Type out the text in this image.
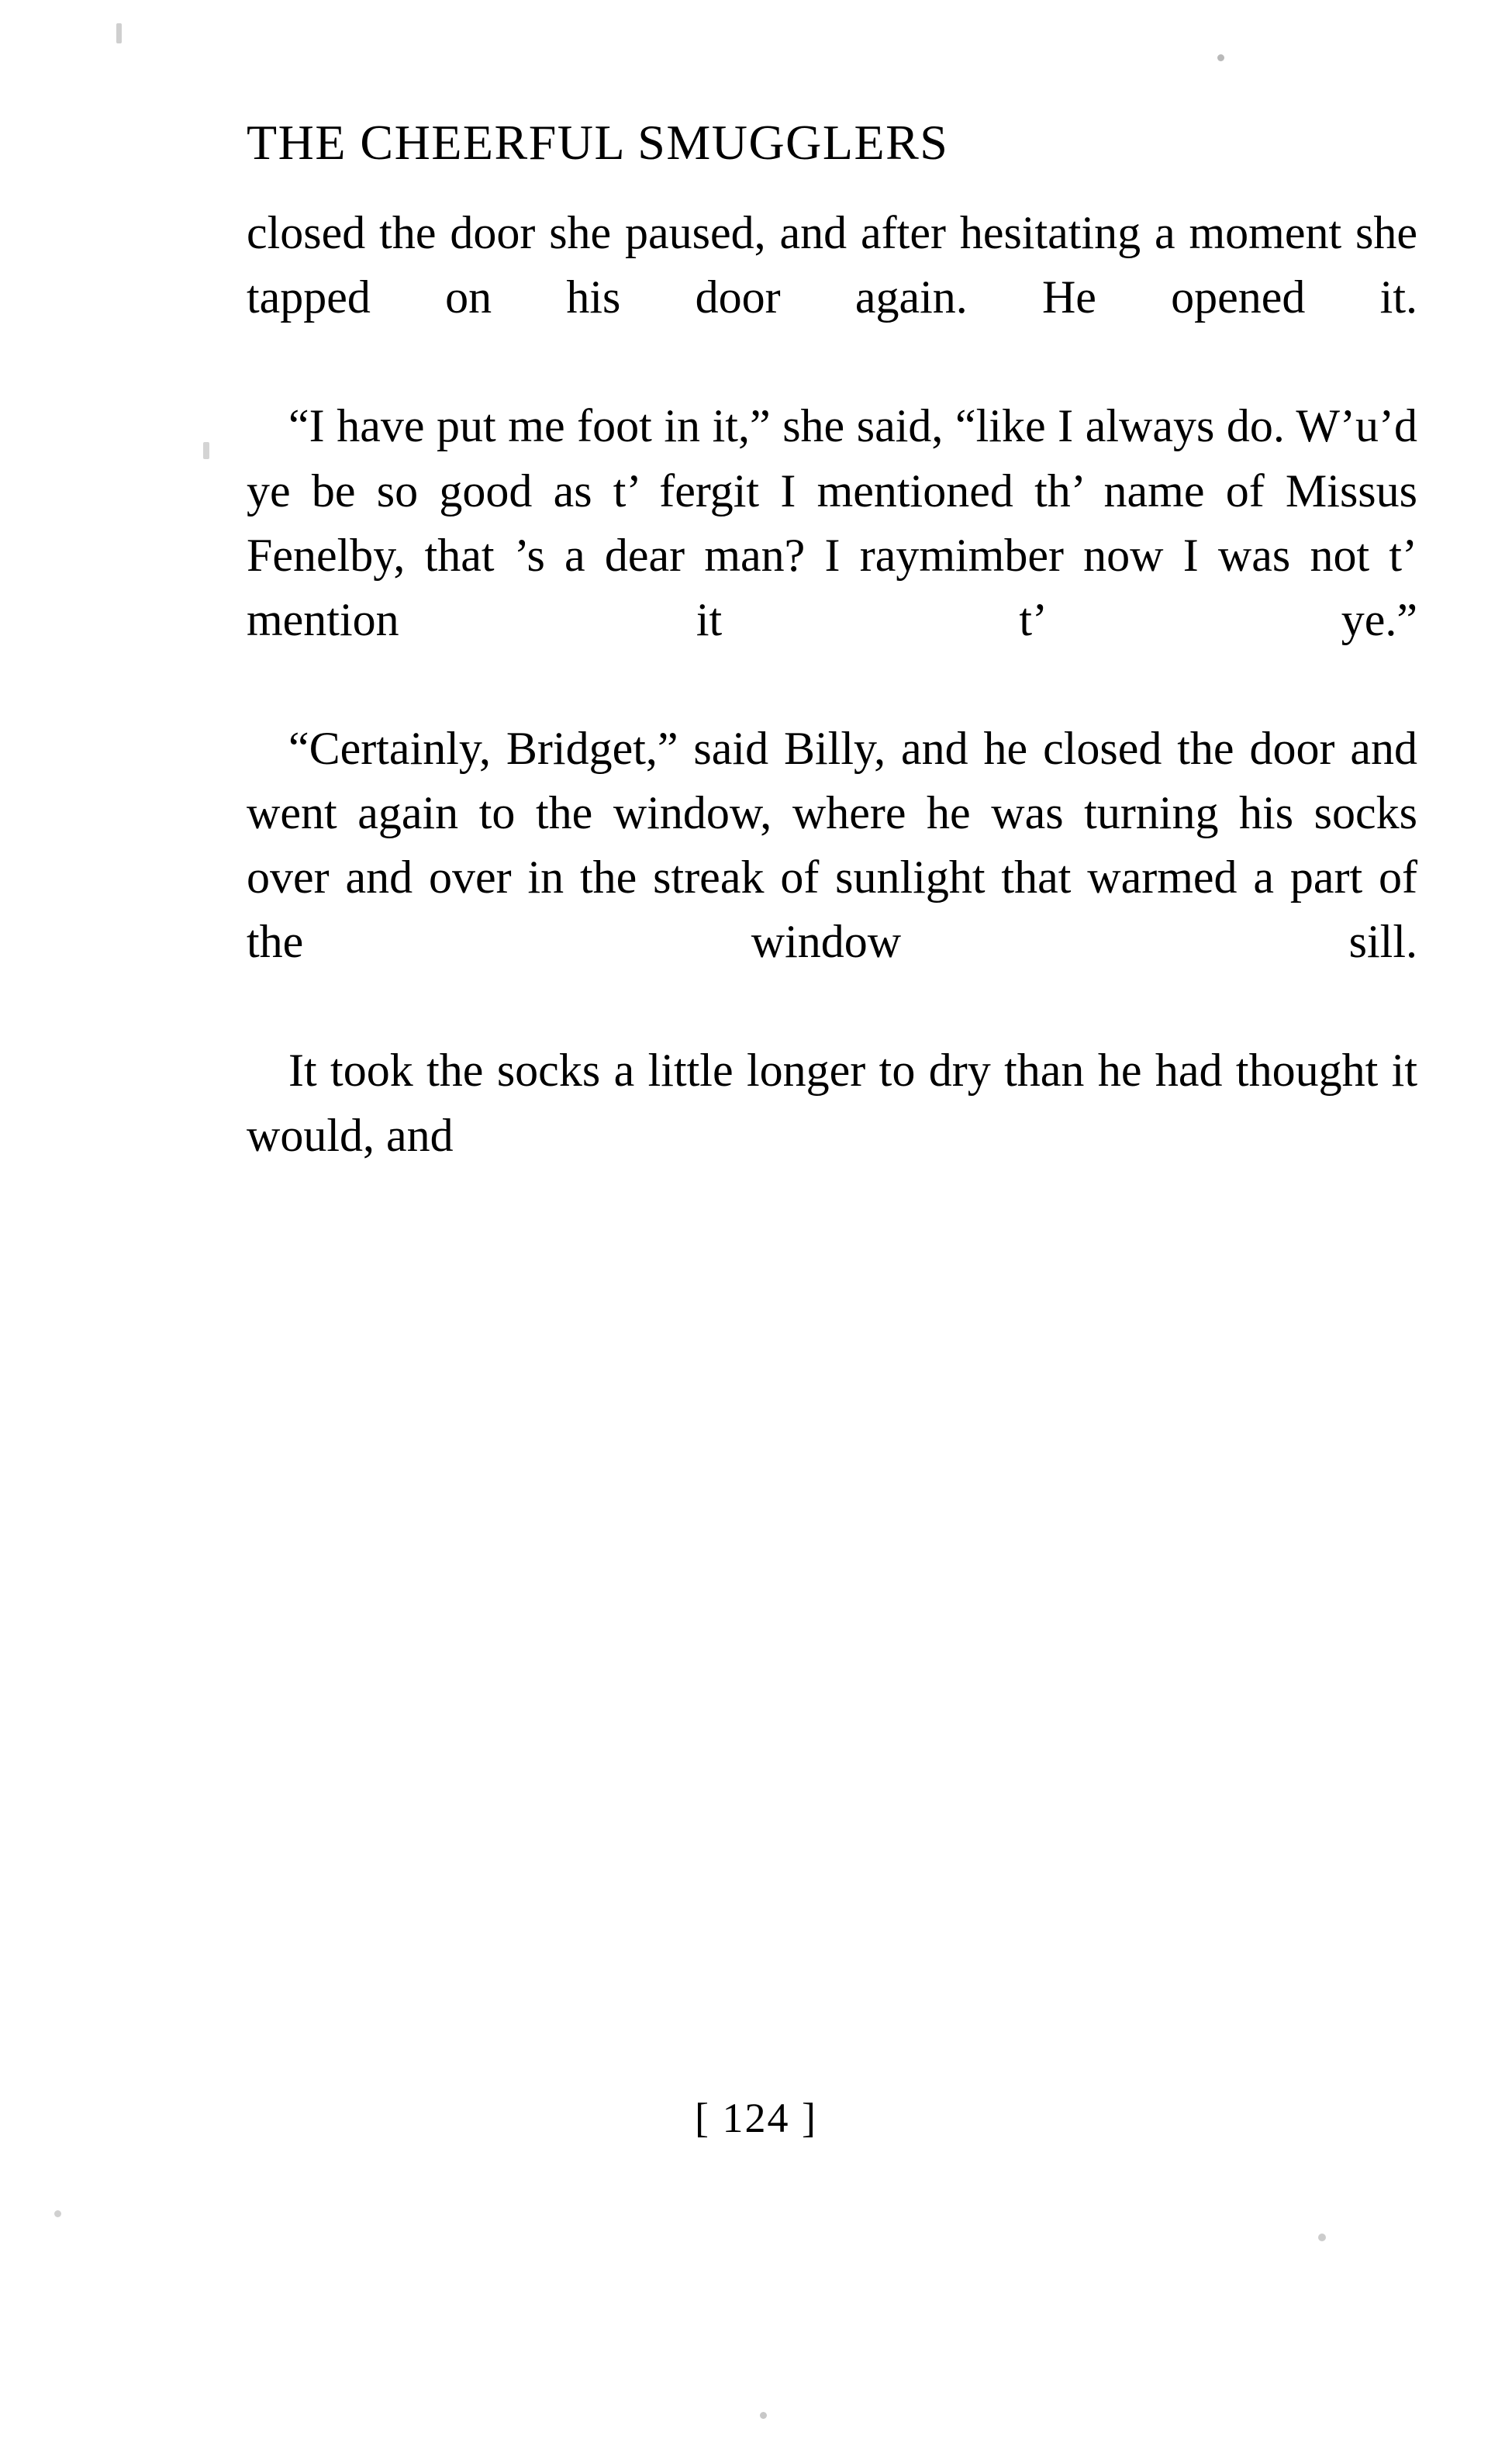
THE CHEERFUL SMUGGLERS

closed the door she paused, and after hesitating a moment she tapped on his door again. He opened it.

“I have put me foot in it,” she said, “like I always do. W’u’d ye be so good as t’ fergit I mentioned th’ name of Missus Fenelby, that ’s a dear man? I raymimber now I was not t’ mention it t’ ye.”

“Certainly, Bridget,” said Billy, and he closed the door and went again to the window, where he was turning his socks over and over in the streak of sunlight that warmed a part of the window sill.

It took the socks a little longer to dry than he had thought it would, and

[ 124 ]
